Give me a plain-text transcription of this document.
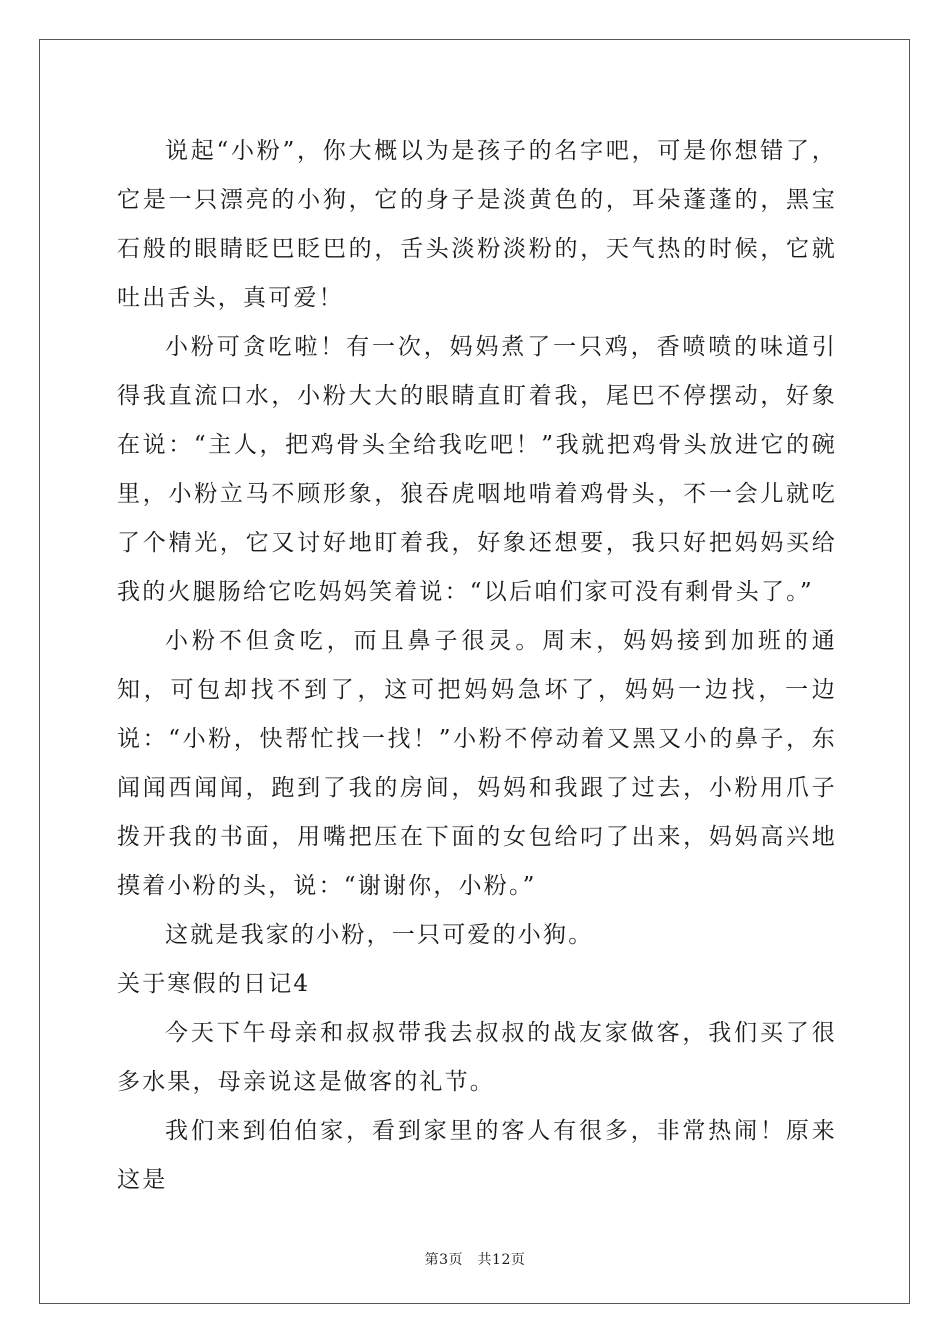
说起“小粉”，你大概以为是孩子的名字吧，可是你想错了，它是一只漂亮的小狗，它的身子是淡黄色的，耳朵蓬蓬的，黑宝石般的眼睛眨巴眨巴的，舌头淡粉淡粉的，天气热的时候，它就吐出舌头，真可爱！

小粉可贪吃啦！有一次，妈妈煮了一只鸡，香喷喷的味道引得我直流口水，小粉大大的眼睛直盯着我，尾巴不停摆动，好象在说：“主人，把鸡骨头全给我吃吧！”我就把鸡骨头放进它的碗里，小粉立马不顾形象，狼吞虎咽地啃着鸡骨头，不一会儿就吃了个精光，它又讨好地盯着我，好象还想要，我只好把妈妈买给我的火腿肠给它吃妈妈笑着说：“以后咱们家可没有剩骨头了。”

小粉不但贪吃，而且鼻子很灵。周末，妈妈接到加班的通知，可包却找不到了，这可把妈妈急坏了，妈妈一边找，一边说：“小粉，快帮忙找一找！”小粉不停动着又黑又小的鼻子，东闻闻西闻闻，跑到了我的房间，妈妈和我跟了过去，小粉用爪子拨开我的书面，用嘴把压在下面的女包给叼了出来，妈妈高兴地摸着小粉的头，说：“谢谢你，小粉。”

这就是我家的小粉，一只可爱的小狗。

关于寒假的日记4

今天下午母亲和叔叔带我去叔叔的战友家做客，我们买了很多水果，母亲说这是做客的礼节。

我们来到伯伯家，看到家里的客人有很多，非常热闹！原来这是

第3页　共12页
